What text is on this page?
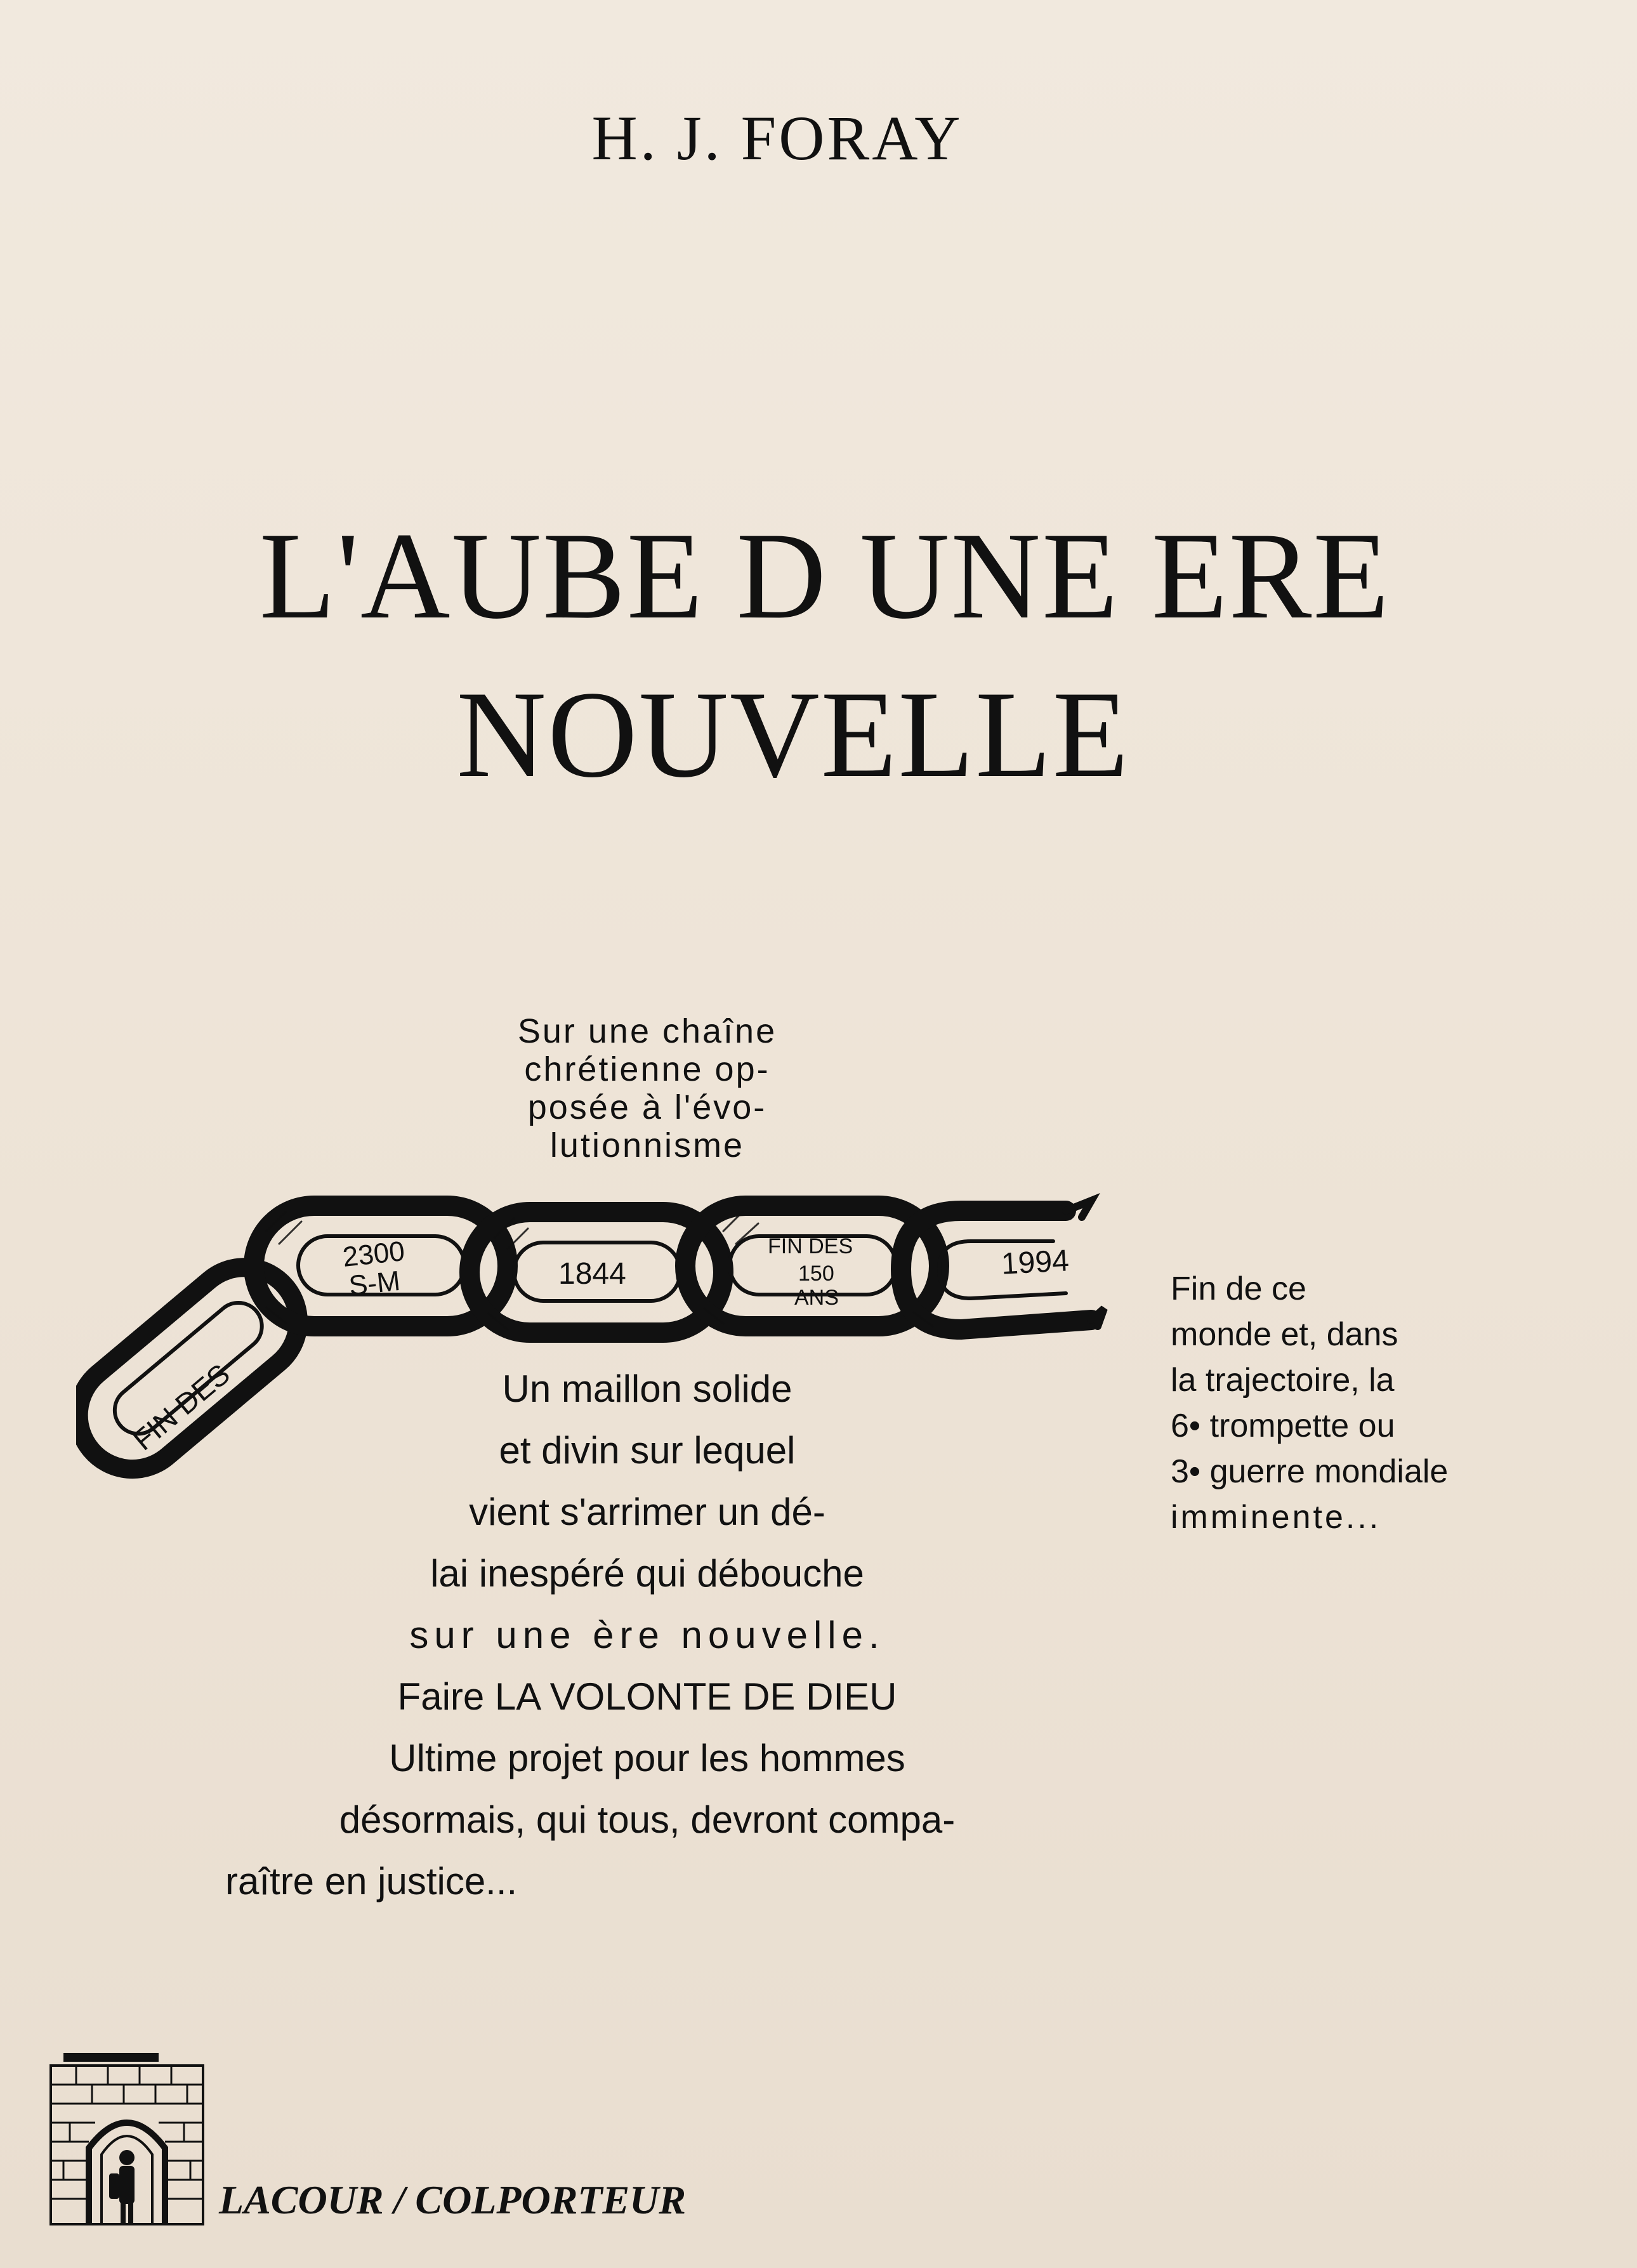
H. J. FORAY
L'AUBE D UNE ERE
NOUVELLE
Sur une chaîne
chrétienne op-
posée à l'évo-
lutionnisme
FIN DES
2300
S-M	1844
FIN DES
150
ANS
1994
Fin de ce
monde et, dans
la trajectoire, la
6• trompette ou
3• guerre mondiale
imminente...
Un maillon solide
et divin sur lequel
vient s'arrimer un dé-
lai inespéré qui débouche
sur une ère nouvelle.
Faire LA VOLONTE DE DIEU
Ultime projet pour les hommes
désormais, qui tous, devront compa-
raître en justice...
LACOUR / COLPORTEUR
